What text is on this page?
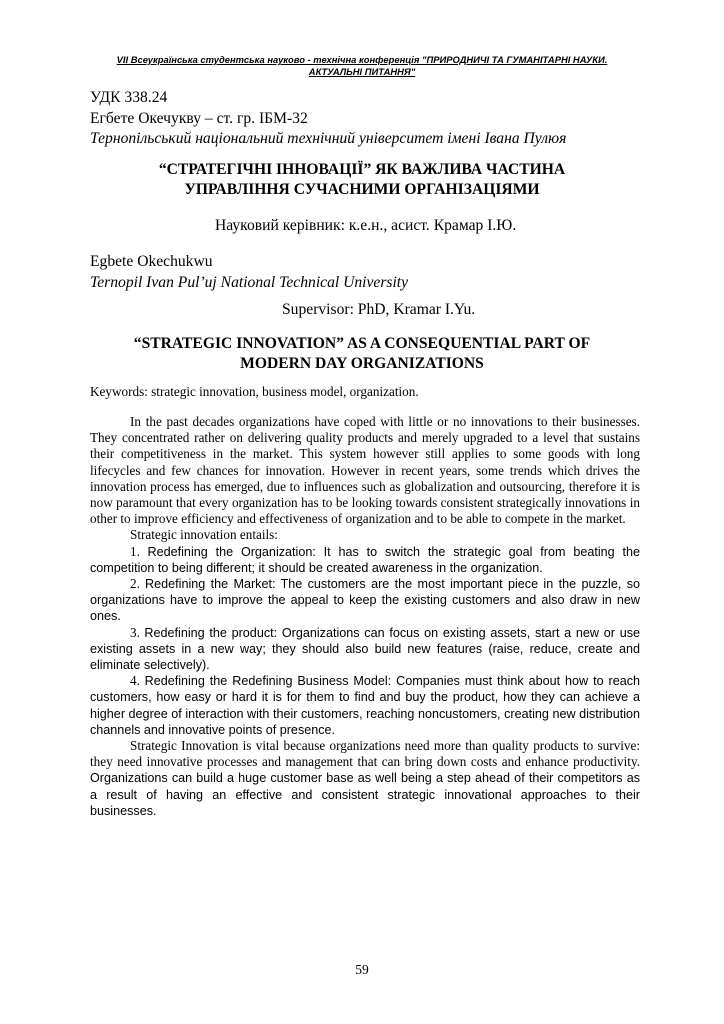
VII Всеукраїнська студентська науково - технічна конференція "ПРИРОДНИЧІ ТА ГУМАНІТАРНІ НАУКИ. АКТУАЛЬНІ ПИТАННЯ"
УДК 338.24
Егбете Окечукву – ст. гр. ІБМ-32
Тернопільський національний технічний університет імені Івана Пулюя
“СТРАТЕГІЧНІ ІННОВАЦІЇ” ЯК ВАЖЛИВА ЧАСТИНА
УПРАВЛІННЯ СУЧАСНИМИ ОРГАНІЗАЦІЯМИ
Науковий керівник: к.е.н., асист. Крамар І.Ю.
Egbete Okechukwu
Ternopil Ivan Pul’uj National Technical University
Supervisor: PhD, Kramar I.Yu.
“STRATEGIC INNOVATION” AS A CONSEQUENTIAL PART OF
MODERN DAY ORGANIZATIONS
Keywords: strategic innovation, business model, organization.

In the past decades organizations have coped with little or no innovations to their businesses. They concentrated rather on delivering quality products and merely upgraded to a level that sustains their competitiveness in the market. This system however still applies to some goods with long lifecycles and few chances for innovation. However in recent years, some trends which drives the innovation process has emerged, due to influences such as globalization and outsourcing, therefore it is now paramount that every organization has to be looking towards consistent strategically innovations in other to improve efficiency and effectiveness of organization and to be able to compete in the market.

Strategic innovation entails:

1. Redefining the Organization: It has to switch the strategic goal from beating the competition to being different; it should be created awareness in the organization.

2. Redefining the Market: The customers are the most important piece in the puzzle, so organizations have to improve the appeal to keep the existing customers and also draw in new ones.

3. Redefining the product: Organizations can focus on existing assets, start a new or use existing assets in a new way; they should also build new features (raise, reduce, create and eliminate selectively).

4. Redefining the Redefining Business Model: Companies must think about how to reach customers, how easy or hard it is for them to find and buy the product, how they can achieve a higher degree of interaction with their customers, reaching noncustomers, creating new distribution channels and innovative points of presence.

Strategic Innovation is vital because organizations need more than quality products to survive: they need innovative processes and management that can bring down costs and enhance productivity. Organizations can build a huge customer base as well being a step ahead of their competitors as a result of having an effective and consistent strategic innovational approaches to their businesses.

59
